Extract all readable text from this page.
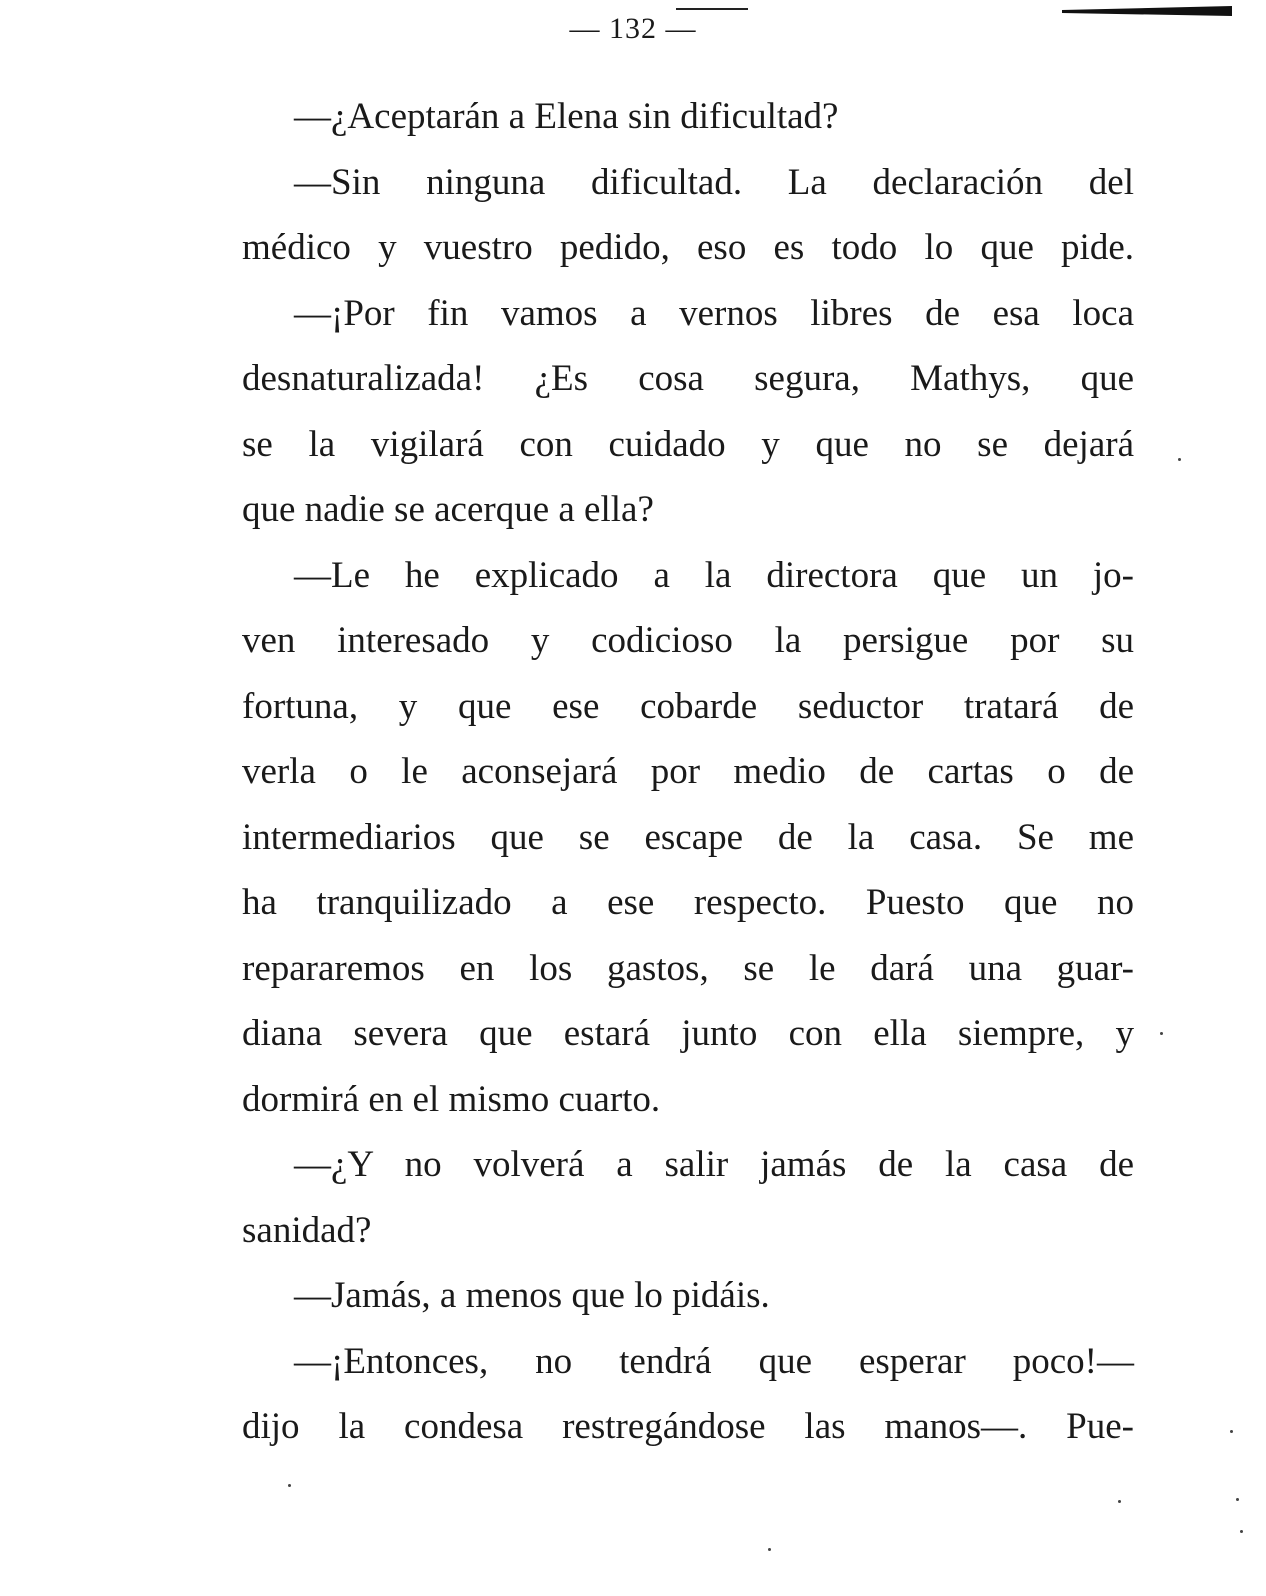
— 132 —
—¿Aceptarán a Elena sin dificultad?
—Sin ninguna dificultad. La declaración del
médico y vuestro pedido, eso es todo lo que pide.
—¡Por fin vamos a vernos libres de esa loca
desnaturalizada! ¿Es cosa segura, Mathys, que
se la vigilará con cuidado y que no se dejará
que nadie se acerque a ella?
—Le he explicado a la directora que un jo-
ven interesado y codicioso la persigue por su
fortuna, y que ese cobarde seductor tratará de
verla o le aconsejará por medio de cartas o de
intermediarios que se escape de la casa. Se me
ha tranquilizado a ese respecto. Puesto que no
repararemos en los gastos, se le dará una guar-
diana severa que estará junto con ella siempre, y
dormirá en el mismo cuarto.
—¿Y no volverá a salir jamás de la casa de
sanidad?
—Jamás, a menos que lo pidáis.
—¡Entonces, no tendrá que esperar poco!—
dijo la condesa restregándose las manos—. Pue-
